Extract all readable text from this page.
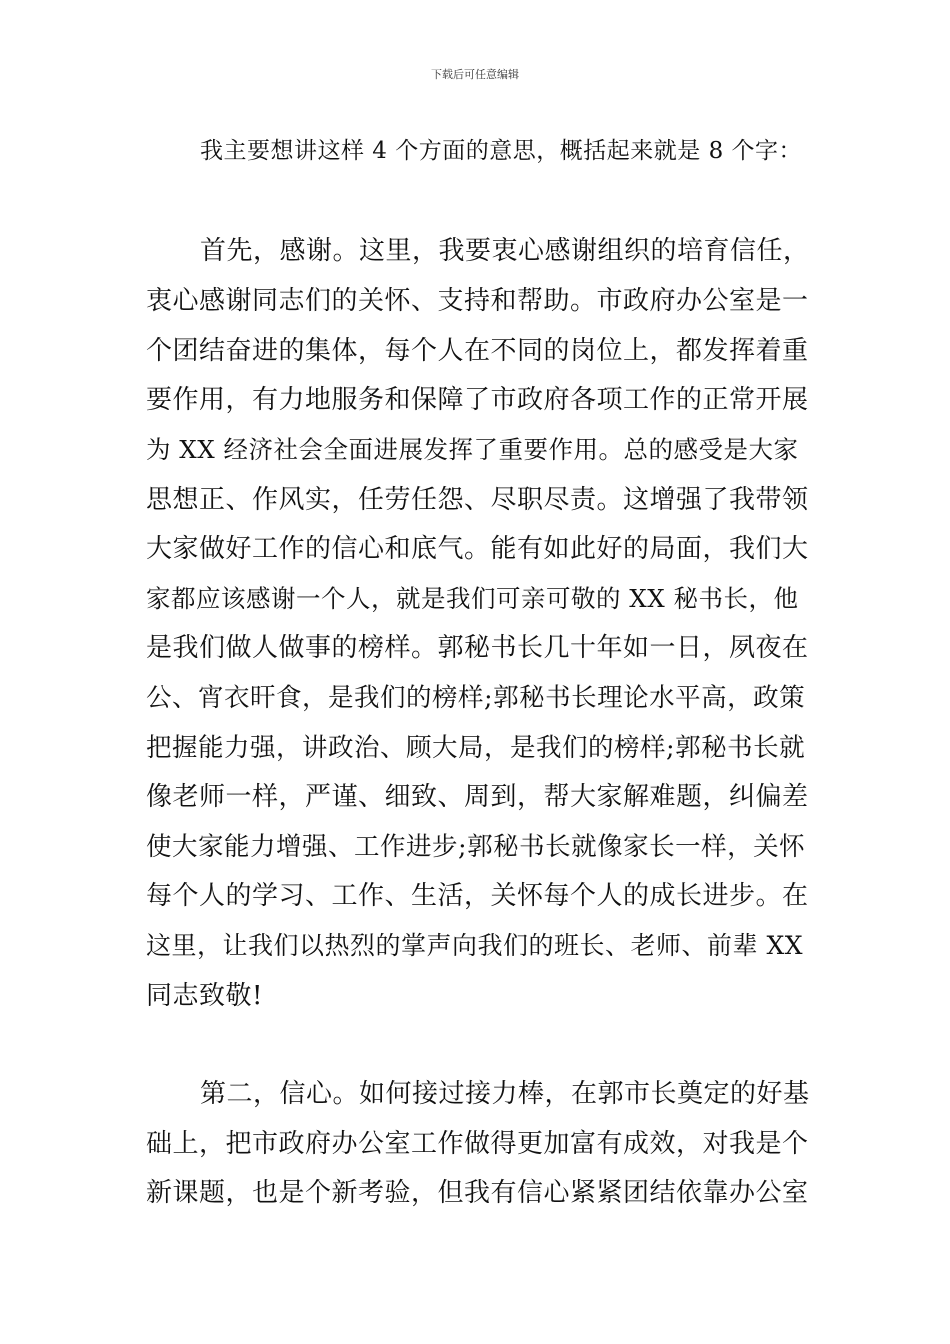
下载后可任意编辑
我主要想讲这样 4 个方面的意思，概括起来就是 8 个字：
首先，感谢。这里，我要衷心感谢组织的培育信任，
衷心感谢同志们的关怀、支持和帮助。市政府办公室是一
个团结奋进的集体，每个人在不同的岗位上，都发挥着重
要作用，有力地服务和保障了市政府各项工作的正常开展
为 XX 经济社会全面进展发挥了重要作用。总的感受是大家
思想正、作风实，任劳任怨、尽职尽责。这增强了我带领
大家做好工作的信心和底气。能有如此好的局面，我们大
家都应该感谢一个人，就是我们可亲可敬的 XX 秘书长，他
是我们做人做事的榜样。郭秘书长几十年如一日，夙夜在
公、宵衣旰食，是我们的榜样;郭秘书长理论水平高，政策
把握能力强，讲政治、顾大局，是我们的榜样;郭秘书长就
像老师一样，严谨、细致、周到，帮大家解难题，纠偏差
使大家能力增强、工作进步;郭秘书长就像家长一样，关怀
每个人的学习、工作、生活，关怀每个人的成长进步。在
这里，让我们以热烈的掌声向我们的班长、老师、前辈 XX
同志致敬!
第二，信心。如何接过接力棒，在郭市长奠定的好基
础上，把市政府办公室工作做得更加富有成效，对我是个
新课题，也是个新考验，但我有信心紧紧团结依靠办公室
